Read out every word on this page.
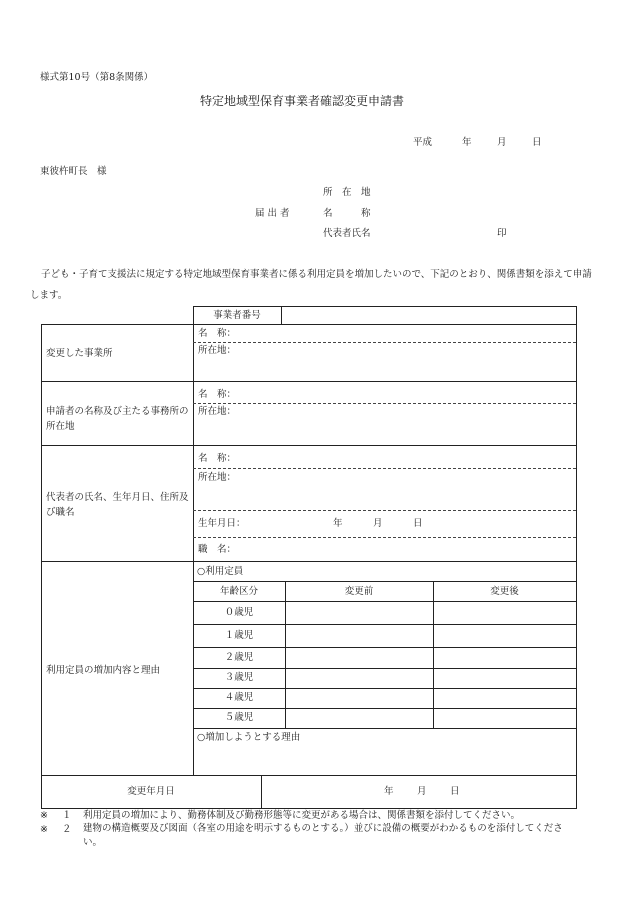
様式第10号（第8条関係）
特定地域型保育事業者確認変更申請書
平成	年	月	日
東彼杵町長　様
所　在　地
届 出 者	名　　　称
代表者氏名	印
子ども・子育て支援法に規定する特定地域型保育事業者に係る利用定員を増加したいので、下記のとおり、関係書類を添えて申請します。
事業者番号
変更した事業所
名　称：
所在地：
申請者の名称及び主たる事務所の所在地
名　称：
所在地：
代表者の氏名、生年月日、住所及び職名
名　称：
所在地：
生年月日：	年	月	日
職　名：
利用定員の増加内容と理由
○利用定員
年齢区分	変更前	変更後
０歳児
１歳児
２歳児
３歳児
４歳児
５歳児
○増加しようとする理由
変更年月日	年 月 日
※ １ 利用定員の増加により、勤務体制及び勤務形態等に変更がある場合は、関係書類を添付してください。
※ ２ 建物の構造概要及び図面（各室の用途を明示するものとする。）並びに設備の概要がわかるものを添付してください。
